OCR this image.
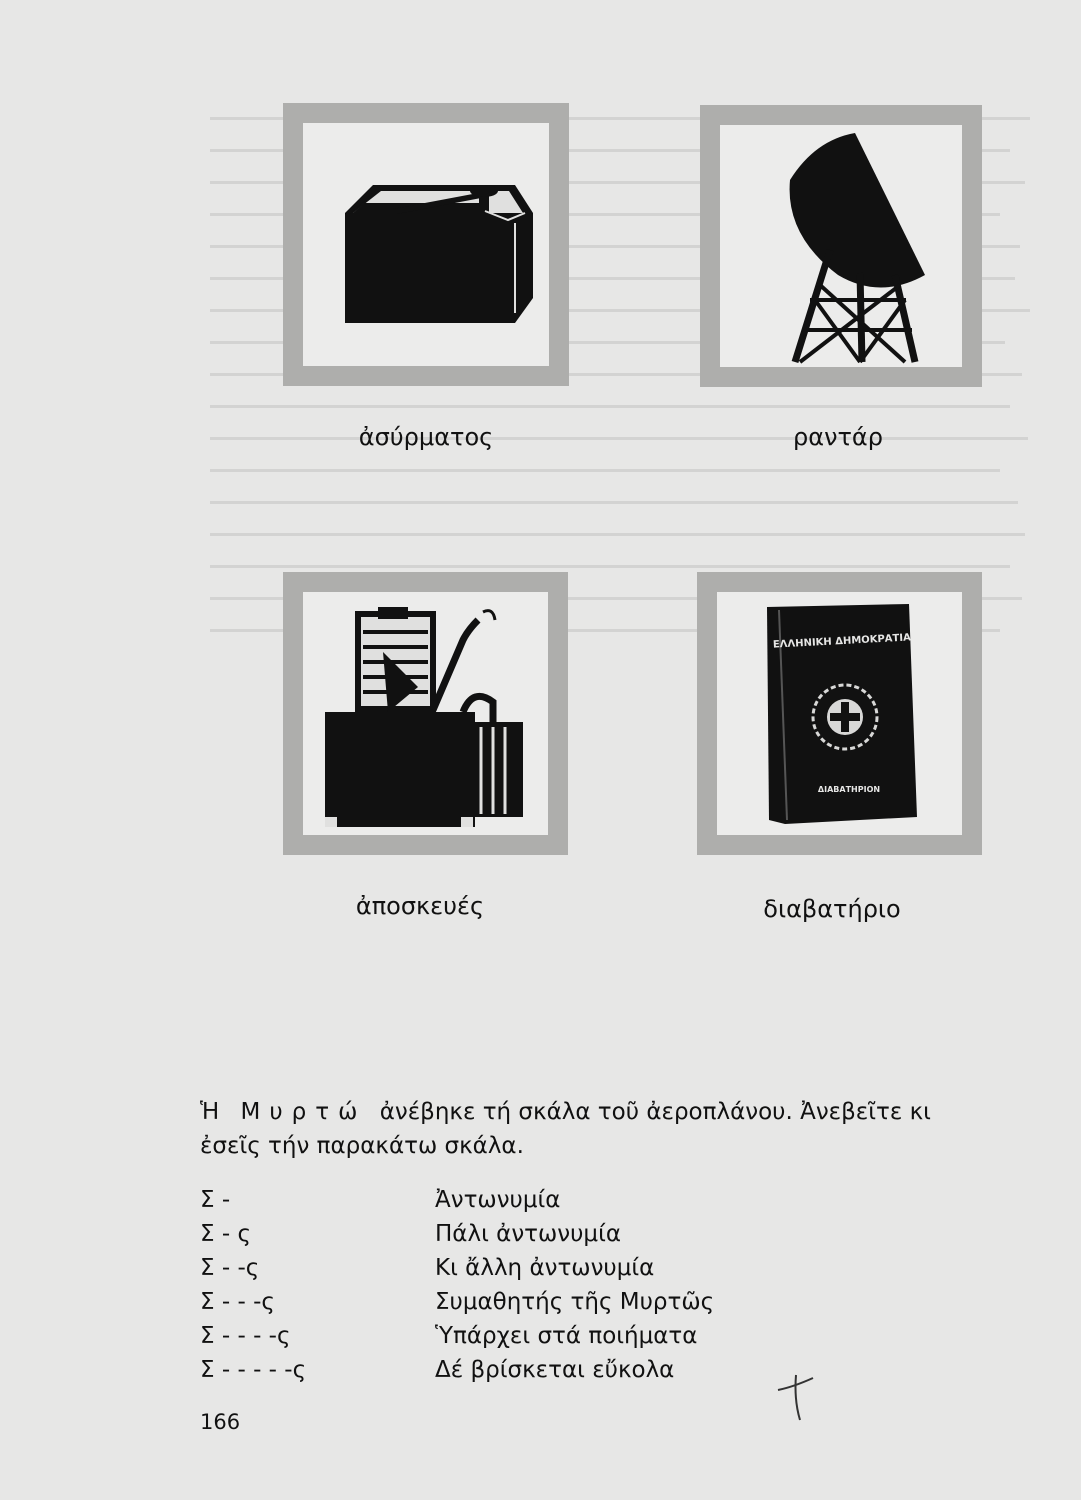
ἀσύρματος	ραντάρ
ΕΛΛΗΝΙΚΗ ΔΗΜΟΚΡΑΤΙΑ
ΔΙΑΒΑΤΗΡΙΟΝ
ἀποσκευές	διαβατήριο
Ἡ Μυρτώ ἀνέβηκε τή σκάλα τοῦ ἀεροπλάνου. Ἀνεβεῖτε κι
ἐσεῖς τήν παρακάτω σκάλα.
Σ -	Ἀντωνυμία
Σ - ς	Πάλι ἀντωνυμία
Σ - -ς	Κι ἄλλη ἀντωνυμία
Σ - - -ς	Συμαθητής τῆς Μυρτῶς
Σ - - - -ς	Ὑπάρχει στά ποιήματα
Σ - - - - -ς	Δέ βρίσκεται εὔκολα
166
